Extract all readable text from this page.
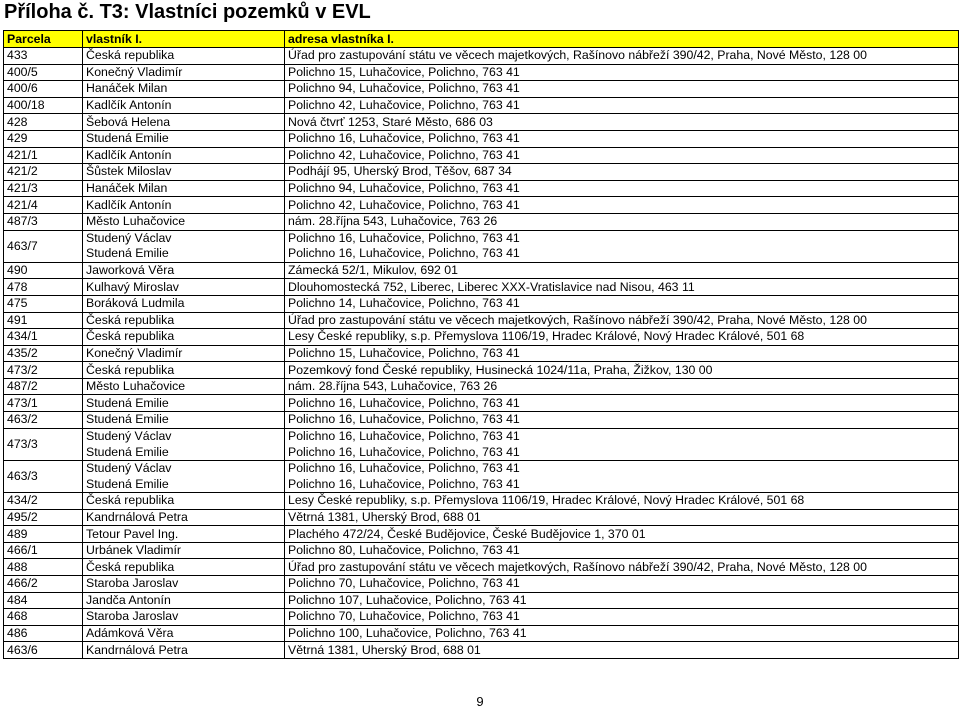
Příloha č. T3: Vlastníci pozemků v EVL
Parcela	vlastník I.	adresa vlastníka I.
433	Česká republika	Úřad pro zastupování státu ve věcech majetkových, Rašínovo nábřeží 390/42, Praha, Nové Město, 128 00
400/5	Konečný Vladimír	Polichno 15, Luhačovice, Polichno, 763 41
400/6	Hanáček Milan	Polichno 94, Luhačovice, Polichno, 763 41
400/18	Kadlčík Antonín	Polichno 42, Luhačovice, Polichno, 763 41
428	Šebová Helena	Nová čtvrť 1253, Staré Město, 686 03
429	Studená Emilie	Polichno 16, Luhačovice, Polichno, 763 41
421/1	Kadlčík Antonín	Polichno 42, Luhačovice, Polichno, 763 41
421/2	Šůstek Miloslav	Podhájí 95, Uherský Brod, Těšov, 687 34
421/3	Hanáček Milan	Polichno 94, Luhačovice, Polichno, 763 41
421/4	Kadlčík Antonín	Polichno 42, Luhačovice, Polichno, 763 41
487/3	Město Luhačovice	nám. 28.října 543, Luhačovice, 763 26
463/7	Studený Václav	Polichno 16, Luhačovice, Polichno, 763 41
	Studená Emilie	Polichno 16, Luhačovice, Polichno, 763 41
490	Jaworková Věra	Zámecká 52/1, Mikulov, 692 01
478	Kulhavý Miroslav	Dlouhomostecká 752, Liberec, Liberec XXX-Vratislavice nad Nisou, 463 11
475	Boráková Ludmila	Polichno 14, Luhačovice, Polichno, 763 41
491	Česká republika	Úřad pro zastupování státu ve věcech majetkových, Rašínovo nábřeží 390/42, Praha, Nové Město, 128 00
434/1	Česká republika	Lesy České republiky, s.p. Přemyslova 1106/19, Hradec Králové, Nový Hradec Králové, 501 68
435/2	Konečný Vladimír	Polichno 15, Luhačovice, Polichno, 763 41
473/2	Česká republika	Pozemkový fond České republiky, Husinecká 1024/11a, Praha, Žižkov, 130 00
487/2	Město Luhačovice	nám. 28.října 543, Luhačovice, 763 26
473/1	Studená Emilie	Polichno 16, Luhačovice, Polichno, 763 41
463/2	Studená Emilie	Polichno 16, Luhačovice, Polichno, 763 41
473/3	Studený Václav	Polichno 16, Luhačovice, Polichno, 763 41
	Studená Emilie	Polichno 16, Luhačovice, Polichno, 763 41
463/3	Studený Václav	Polichno 16, Luhačovice, Polichno, 763 41
	Studená Emilie	Polichno 16, Luhačovice, Polichno, 763 41
434/2	Česká republika	Lesy České republiky, s.p. Přemyslova 1106/19, Hradec Králové, Nový Hradec Králové, 501 68
495/2	Kandrnálová Petra	Větrná 1381, Uherský Brod, 688 01
489	Tetour Pavel Ing.	Plachého 472/24, České Budějovice, České Budějovice 1, 370 01
466/1	Urbánek Vladimír	Polichno 80, Luhačovice, Polichno, 763 41
488	Česká republika	Úřad pro zastupování státu ve věcech majetkových, Rašínovo nábřeží 390/42, Praha, Nové Město, 128 00
466/2	Staroba Jaroslav	Polichno 70, Luhačovice, Polichno, 763 41
484	Jandča Antonín	Polichno 107, Luhačovice, Polichno, 763 41
468	Staroba Jaroslav	Polichno 70, Luhačovice, Polichno, 763 41
486	Adámková Věra	Polichno 100, Luhačovice, Polichno, 763 41
463/6	Kandrnálová Petra	Větrná 1381, Uherský Brod, 688 01
9
